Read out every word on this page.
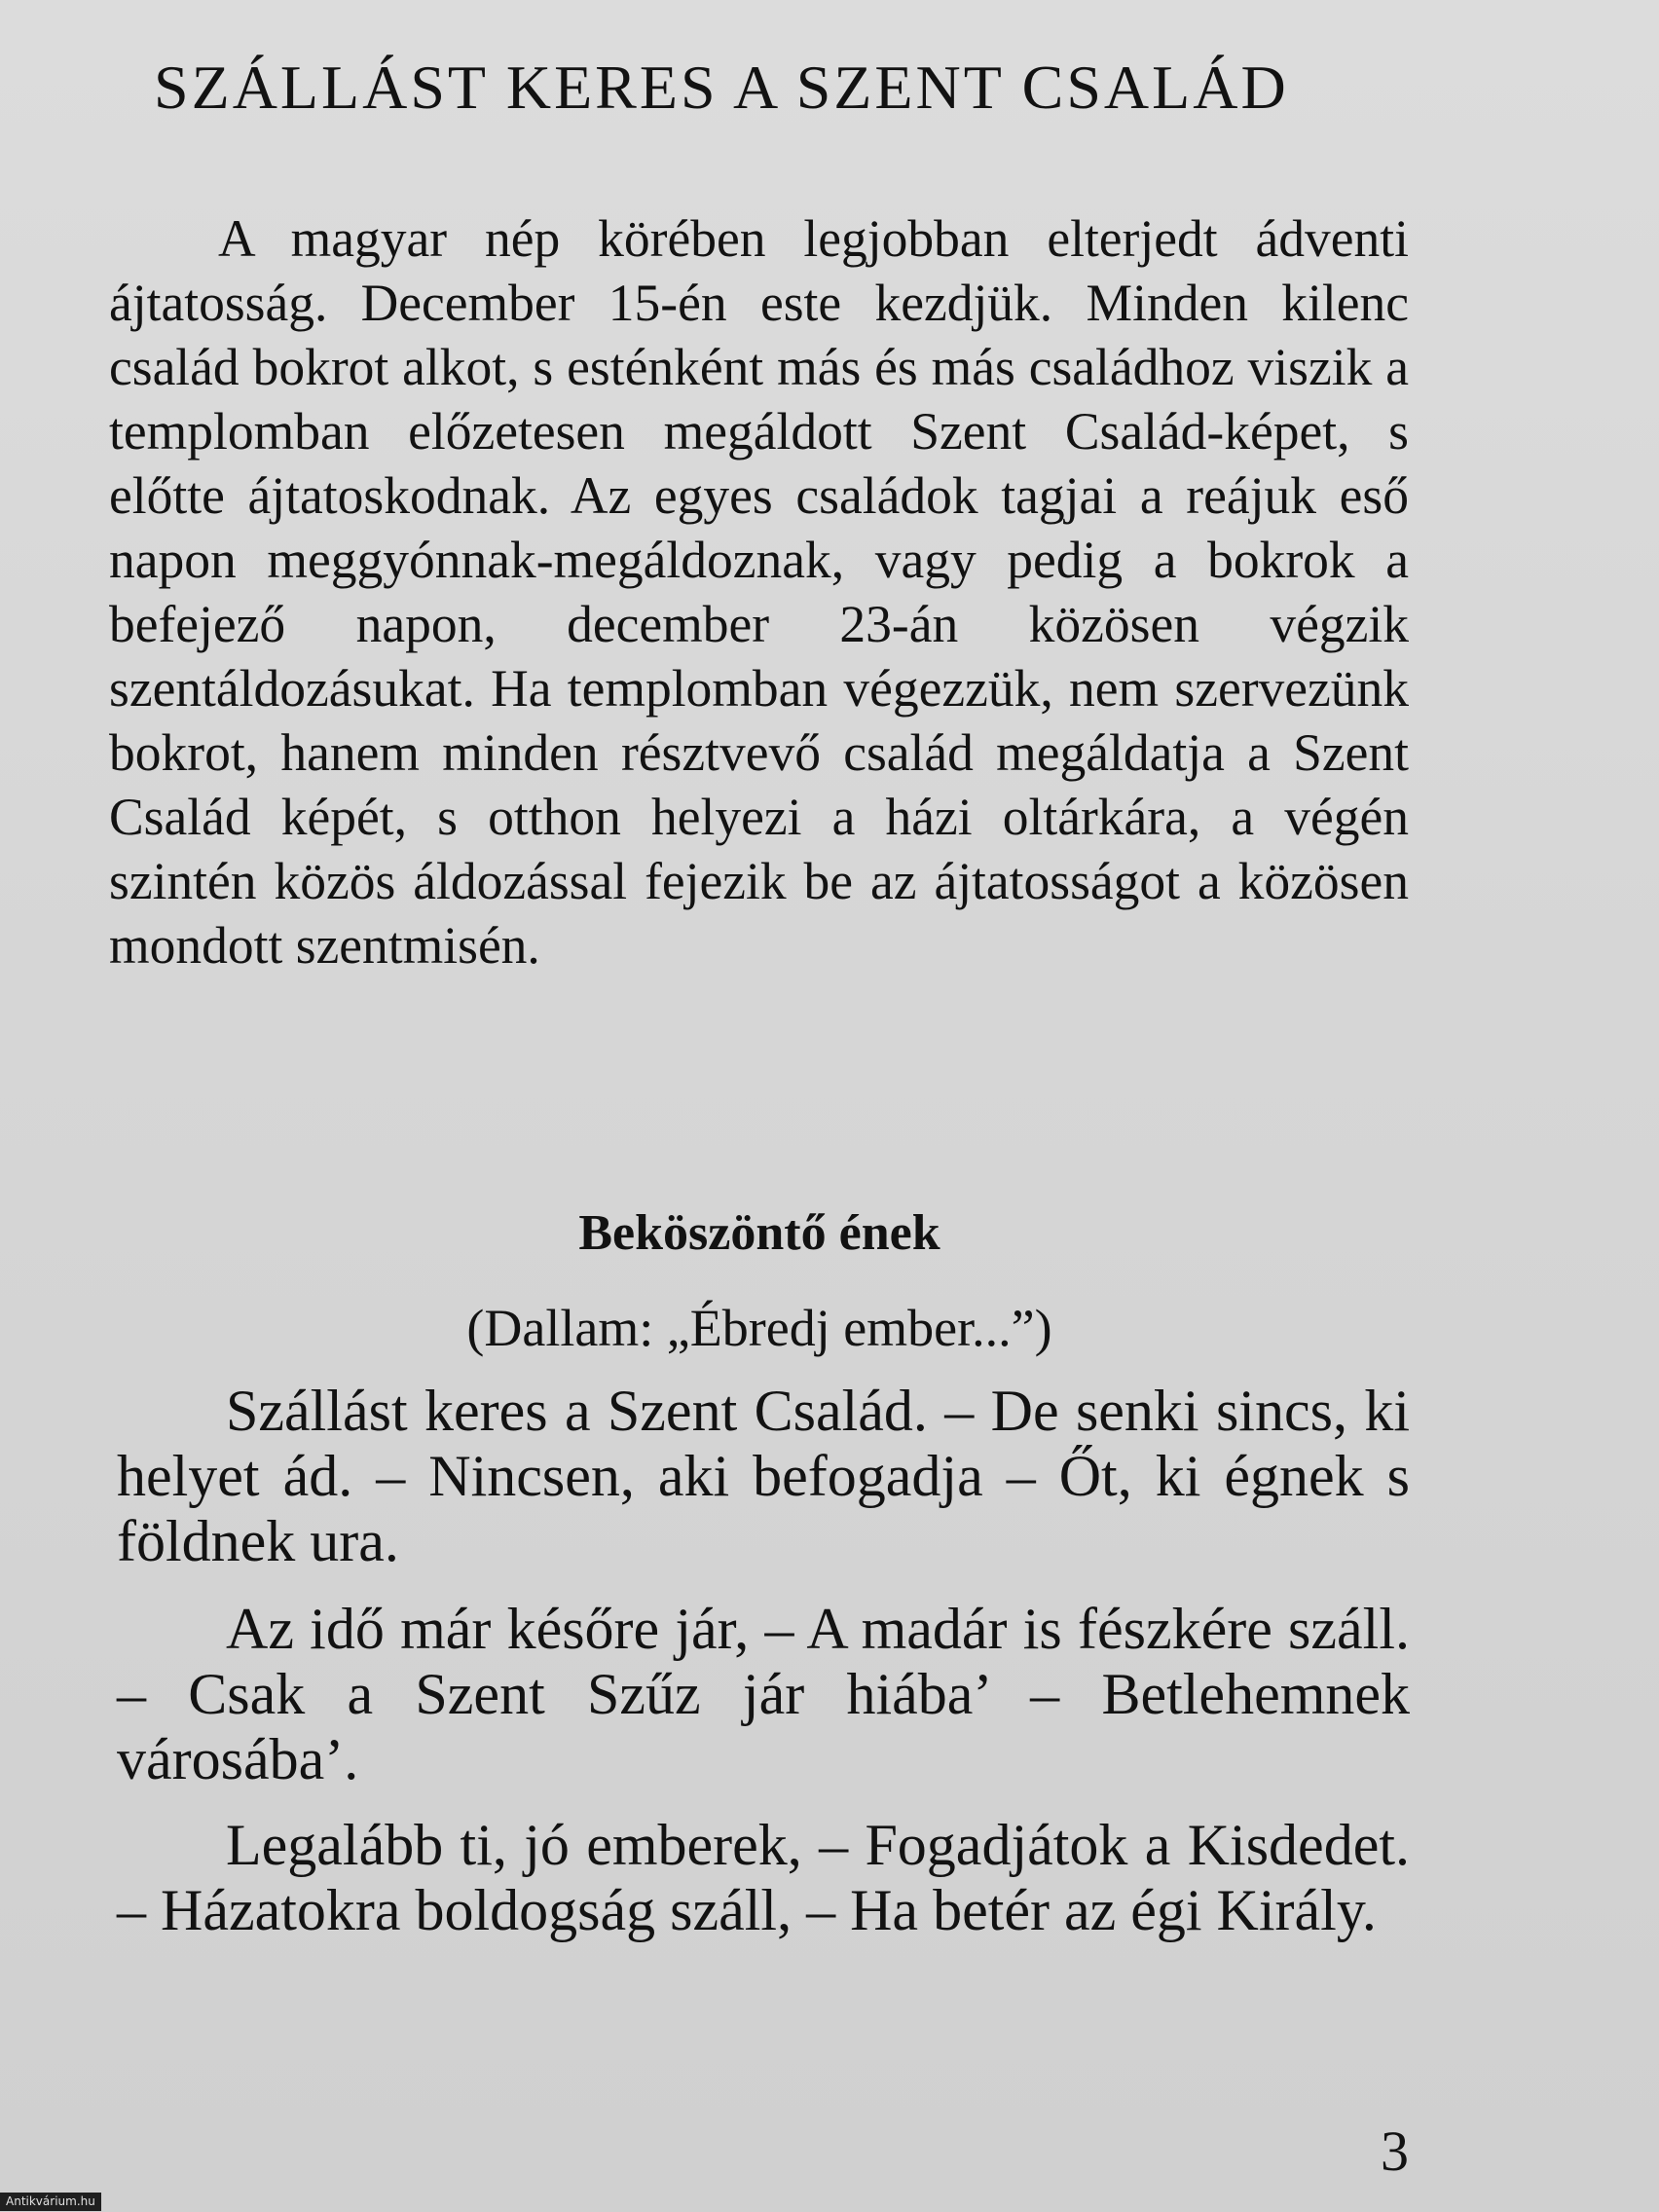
SZÁLLÁST KERES A SZENT CSALÁD

A magyar nép körében legjobban elterjedt ádventi ájtatosság. December 15-én este kezdjük. Minden kilenc család bokrot alkot, s esténként más és más családhoz viszik a templomban előzetesen megáldott Szent Család-képet, s előtte ájtatoskodnak. Az egyes családok tagjai a reájuk eső napon meggyónnak-megáldoznak, vagy pedig a bokrok a befejező napon, december 23-án közösen végzik szentáldozásukat. Ha templomban végezzük, nem szervezünk bokrot, hanem minden résztvevő család megáldatja a Szent Család képét, s otthon helyezi a házi oltárkára, a végén szintén közös áldozással fejezik be az ájtatosságot a közösen mondott szentmisén.

Beköszöntő ének
(Dallam: „Ébredj ember...”)

Szállást keres a Szent Család. – De senki sincs, ki helyet ád. – Nincsen, aki befogadja – Őt, ki égnek s földnek ura.

Az idő már későre jár, – A madár is fészkére száll. – Csak a Szent Szűz jár hiába’ – Betlehemnek városába’.

Legalább ti, jó emberek, – Fogadjátok a Kisdedet. – Házatokra boldogság száll, – Ha betér az égi Király.

3
Antikvárium.hu
